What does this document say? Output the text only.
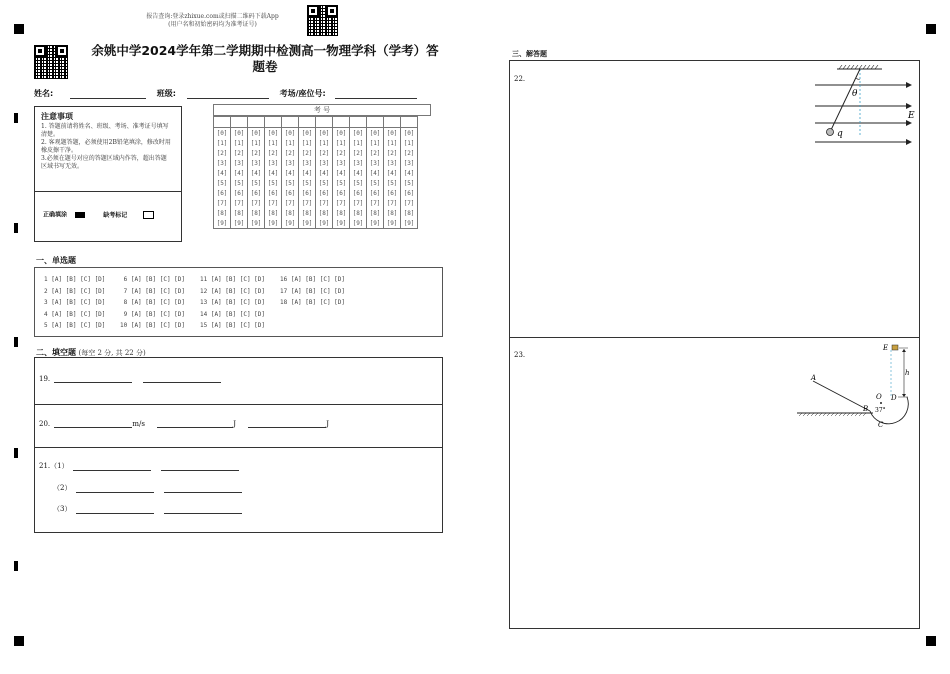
报告查询:登录zhixue.com或扫描二维码下载App
(用户名和初始密码均为准考证号)
余姚中学2024学年第二学期期中检测高一物理学科（学考）答
题卷
姓名:	班级:	考场/座位号:
注意事项
1. 答题前请将姓名、班级、考场、准考证号填写清楚。
2. 客观题答题，必须使用2B铅笔填涂，修改时用橡皮擦干净。
3.必须在题号对应的答题区域内作答，超出答题区域书写无效。
正确填涂	缺考标记
考 号

[0]	[0]	[0]	[0]	[0]	[0]	[0]	[0]	[0]	[0]	[0]	[0]
[1]	[1]	[1]	[1]	[1]	[1]	[1]	[1]	[1]	[1]	[1]	[1]
[2]	[2]	[2]	[2]	[2]	[2]	[2]	[2]	[2]	[2]	[2]	[2]
[3]	[3]	[3]	[3]	[3]	[3]	[3]	[3]	[3]	[3]	[3]	[3]
[4]	[4]	[4]	[4]	[4]	[4]	[4]	[4]	[4]	[4]	[4]	[4]
[5]	[5]	[5]	[5]	[5]	[5]	[5]	[5]	[5]	[5]	[5]	[5]
[6]	[6]	[6]	[6]	[6]	[6]	[6]	[6]	[6]	[6]	[6]	[6]
[7]	[7]	[7]	[7]	[7]	[7]	[7]	[7]	[7]	[7]	[7]	[7]
[8]	[8]	[8]	[8]	[8]	[8]	[8]	[8]	[8]	[8]	[8]	[8]
[9]	[9]	[9]	[9]	[9]	[9]	[9]	[9]	[9]	[9]	[9]	[9]
一、单选题
1 [A] [B] [C] [D]
2 [A] [B] [C] [D]
3 [A] [B] [C] [D]
4 [A] [B] [C] [D]
5 [A] [B] [C] [D]
6 [A] [B] [C] [D]
7 [A] [B] [C] [D]
8 [A] [B] [C] [D]
9 [A] [B] [C] [D]
10 [A] [B] [C] [D]
11 [A] [B] [C] [D]
12 [A] [B] [C] [D]
13 [A] [B] [C] [D]
14 [A] [B] [C] [D]
15 [A] [B] [C] [D]
16 [A] [B] [C] [D]
17 [A] [B] [C] [D]
18 [A] [B] [C] [D]
二、填空题 (每空 2 分, 共 22 分)
19.
20.	m/s	J	J
21.（1）
（2）
（3）
三、解答题
22.
23.
θ
E
q
E
h
A
O D
B 37°
C
